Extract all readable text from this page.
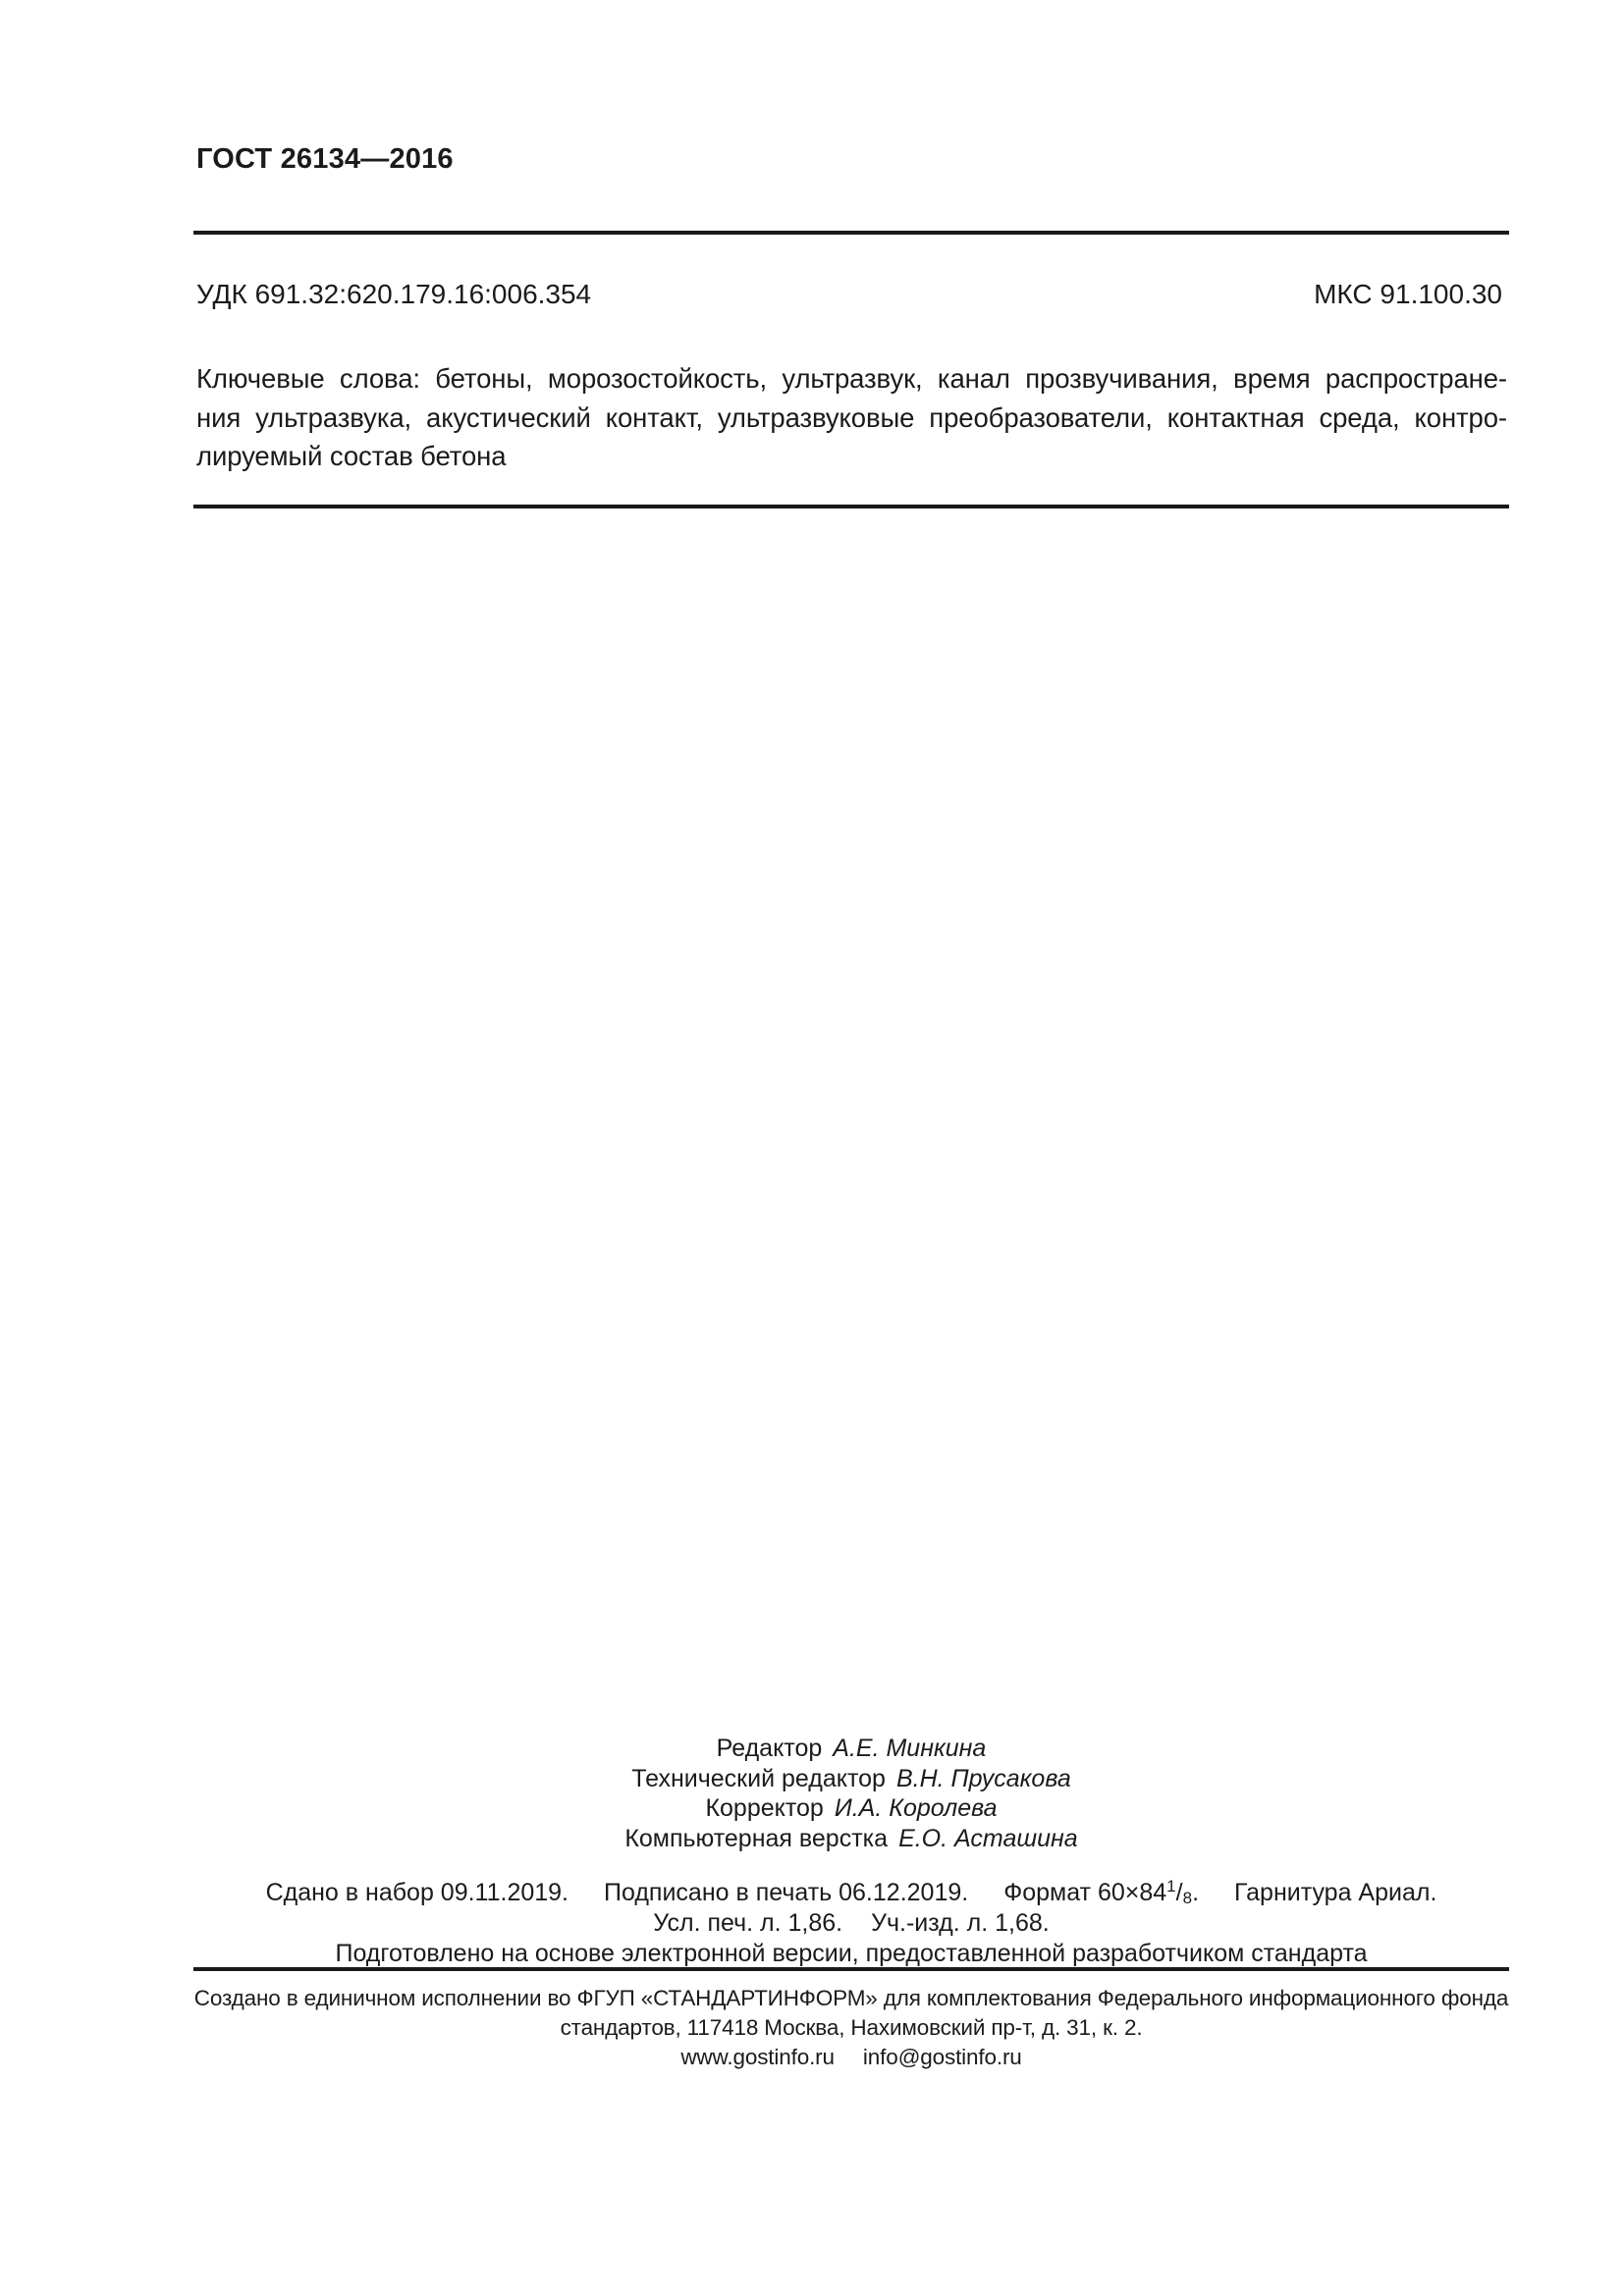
ГОСТ 26134—2016
УДК 691.32:620.179.16:006.354	МКС 91.100.30
Ключевые слова: бетоны, морозостойкость, ультразвук, канал прозвучивания, время распростране-
ния ультразвука, акустический контакт, ультразвуковые преобразователи, контактная среда, контро-
лируемый состав бетона
Редактор А.Е. Минкина
Технический редактор В.Н. Прусакова
Корректор И.А. Королева
Компьютерная верстка Е.О. Асташина
Сдано в набор 09.11.2019. Подписано в печать 06.12.2019. Формат $60\times 84^1/8$. Гарнитура Ариал.
Усл. печ. л. 1,86. Уч.-изд. л. 1,68.
Подготовлено на основе электронной версии, предоставленной разработчиком стандарта
Создано в единичном исполнении во ФГУП «СТАНДАРТИНФОРМ» для комплектования Федерального информационного фонда
стандартов, 117418 Москва, Нахимовский пр-т, д. 31, к. 2.
www.gostinfo.ru info@gostinfo.ru
